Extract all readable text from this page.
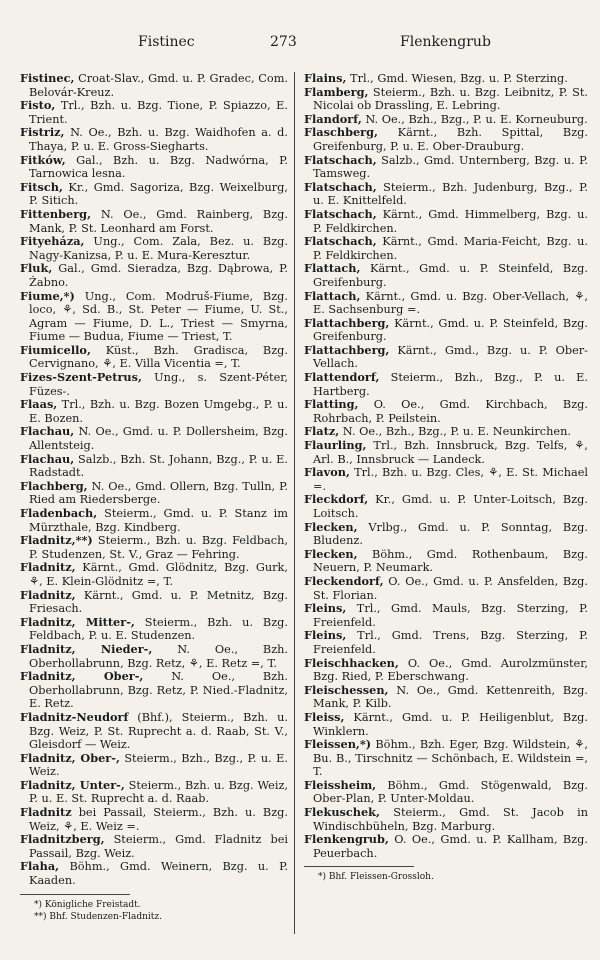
Fistinec	273	Flenkengrub
Fistinec, Croat-Slav., Gmd. u. P. Gradec, Com. Belovár-Kreuz.
Fisto, Trl., Bzh. u. Bzg. Tione, P. Spiazzo, E. Trient.
Fistriz, N. Oe., Bzh. u. Bzg. Waidhofen a. d. Thaya, P. u. E. Gross-Siegharts.
Fitków, Gal., Bzh. u. Bzg. Nadwórna, P. Tarnowica lesna.
Fitsch, Kr., Gmd. Sagoriza, Bzg. Weixelburg, P. Sitich.
Fittenberg, N. Oe., Gmd. Rainberg, Bzg. Mank, P. St. Leonhard am Forst.
Fityeháza, Ung., Com. Zala, Bez. u. Bzg. Nagy-Kanizsa, P. u. E. Mura-Keresztur.
Fluk, Gal., Gmd. Sieradza, Bzg. Dąbrowa, P. Żabno.
Fiume,*) Ung., Com. Modruš-Fiume, Bzg. loco, ⚘, Sd. B., St. Peter — Fiume, U. St., Agram — Fiume, D. L., Triest — Smyrna, Fiume — Budua, Fiume — Triest, T.
Fiumicello, Küst., Bzh. Gradisca, Bzg. Cervignano, ⚘, E. Villa Vicentia =, T.
Fizes-Szent-Petrus, Ung., s. Szent-Péter, Füzes-.
Flaas, Trl., Bzh. u. Bzg. Bozen Umgebg., P. u. E. Bozen.
Flachau, N. Oe., Gmd. u. P. Dollersheim, Bzg. Allentsteig.
Flachau, Salzb., Bzh. St. Johann, Bzg., P. u. E. Radstadt.
Flachberg, N. Oe., Gmd. Ollern, Bzg. Tulln, P. Ried am Riedersberge.
Fladenbach, Steierm., Gmd. u. P. Stanz im Mürzthale, Bzg. Kindberg.
Fladnitz,**) Steierm., Bzh. u. Bzg. Feldbach, P. Studenzen, St. V., Graz — Fehring.
Fladnitz, Kärnt., Gmd. Glödnitz, Bzg. Gurk, ⚘, E. Klein-Glödnitz =, T.
Fladnitz, Kärnt., Gmd. u. P. Metnitz, Bzg. Friesach.
Fladnitz, Mitter-, Steierm., Bzh. u. Bzg. Feldbach, P. u. E. Studenzen.
Fladnitz, Nieder-, N. Oe., Bzh. Oberhollabrunn, Bzg. Retz, ⚘, E. Retz =, T.
Fladnitz, Ober-, N. Oe., Bzh. Oberhollabrunn, Bzg. Retz, P. Nied.-Fladnitz, E. Retz.
Fladnitz-Neudorf (Bhf.), Steierm., Bzh. u. Bzg. Weiz, P. St. Ruprecht a. d. Raab, St. V., Gleisdorf — Weiz.
Fladnitz, Ober-, Steierm., Bzh., Bzg., P. u. E. Weiz.
Fladnitz, Unter-, Steierm., Bzh. u. Bzg. Weiz, P. u. E. St. Ruprecht a. d. Raab.
Fladnitz bei Passail, Steierm., Bzh. u. Bzg. Weiz, ⚘, E. Weiz =.
Fladnitzberg, Steierm., Gmd. Fladnitz bei Passail, Bzg. Weiz.
Flaha, Böhm., Gmd. Weinern, Bzg. u. P. Kaaden.
*) Königliche Freistadt.
**) Bhf. Studenzen-Fladnitz.
Flains, Trl., Gmd. Wiesen, Bzg. u. P. Sterzing.
Flamberg, Steierm., Bzh. u. Bzg. Leibnitz, P. St. Nicolai ob Drassling, E. Lebring.
Flandorf, N. Oe., Bzh., Bzg., P. u. E. Korneuburg.
Flaschberg, Kärnt., Bzh. Spittal, Bzg. Greifenburg, P. u. E. Ober-Drauburg.
Flatschach, Salzb., Gmd. Unternberg, Bzg. u. P. Tamsweg.
Flatschach, Steierm., Bzh. Judenburg, Bzg., P. u. E. Knittelfeld.
Flatschach, Kärnt., Gmd. Himmelberg, Bzg. u. P. Feldkirchen.
Flatschach, Kärnt., Gmd. Maria-Feicht, Bzg. u. P. Feldkirchen.
Flattach, Kärnt., Gmd. u. P. Steinfeld, Bzg. Greifenburg.
Flattach, Kärnt., Gmd. u. Bzg. Ober-Vellach, ⚘, E. Sachsenburg =.
Flattachberg, Kärnt., Gmd. u. P. Steinfeld, Bzg. Greifenburg.
Flattachberg, Kärnt., Gmd., Bzg. u. P. Ober-Vellach.
Flattendorf, Steierm., Bzh., Bzg., P. u. E. Hartberg.
Flatting, O. Oe., Gmd. Kirchbach, Bzg. Rohrbach, P. Peilstein.
Flatz, N. Oe., Bzh., Bzg., P. u. E. Neunkirchen.
Flaurling, Trl., Bzh. Innsbruck, Bzg. Telfs, ⚘, Arl. B., Innsbruck — Landeck.
Flavon, Trl., Bzh. u. Bzg. Cles, ⚘, E. St. Michael =.
Fleckdorf, Kr., Gmd. u. P. Unter-Loitsch, Bzg. Loitsch.
Flecken, Vrlbg., Gmd. u. P. Sonntag, Bzg. Bludenz.
Flecken, Böhm., Gmd. Rothenbaum, Bzg. Neuern, P. Neumark.
Fleckendorf, O. Oe., Gmd. u. P. Ansfelden, Bzg. St. Florian.
Fleins, Trl., Gmd. Mauls, Bzg. Sterzing, P. Freienfeld.
Fleins, Trl., Gmd. Trens, Bzg. Sterzing, P. Freienfeld.
Fleischhacken, O. Oe., Gmd. Aurolzmünster, Bzg. Ried, P. Eberschwang.
Fleischessen, N. Oe., Gmd. Kettenreith, Bzg. Mank, P. Kilb.
Fleiss, Kärnt., Gmd. u. P. Heiligenblut, Bzg. Winklern.
Fleissen,*) Böhm., Bzh. Eger, Bzg. Wildstein, ⚘, Bu. B., Tirschnitz — Schönbach, E. Wildstein =, T.
Fleissheim, Böhm., Gmd. Stögenwald, Bzg. Ober-Plan, P. Unter-Moldau.
Flekuschek, Steierm., Gmd. St. Jacob in Windischbüheln, Bzg. Marburg.
Flenkengrub, O. Oe., Gmd. u. P. Kallham, Bzg. Peuerbach.
*) Bhf. Fleissen-Grossloh.
